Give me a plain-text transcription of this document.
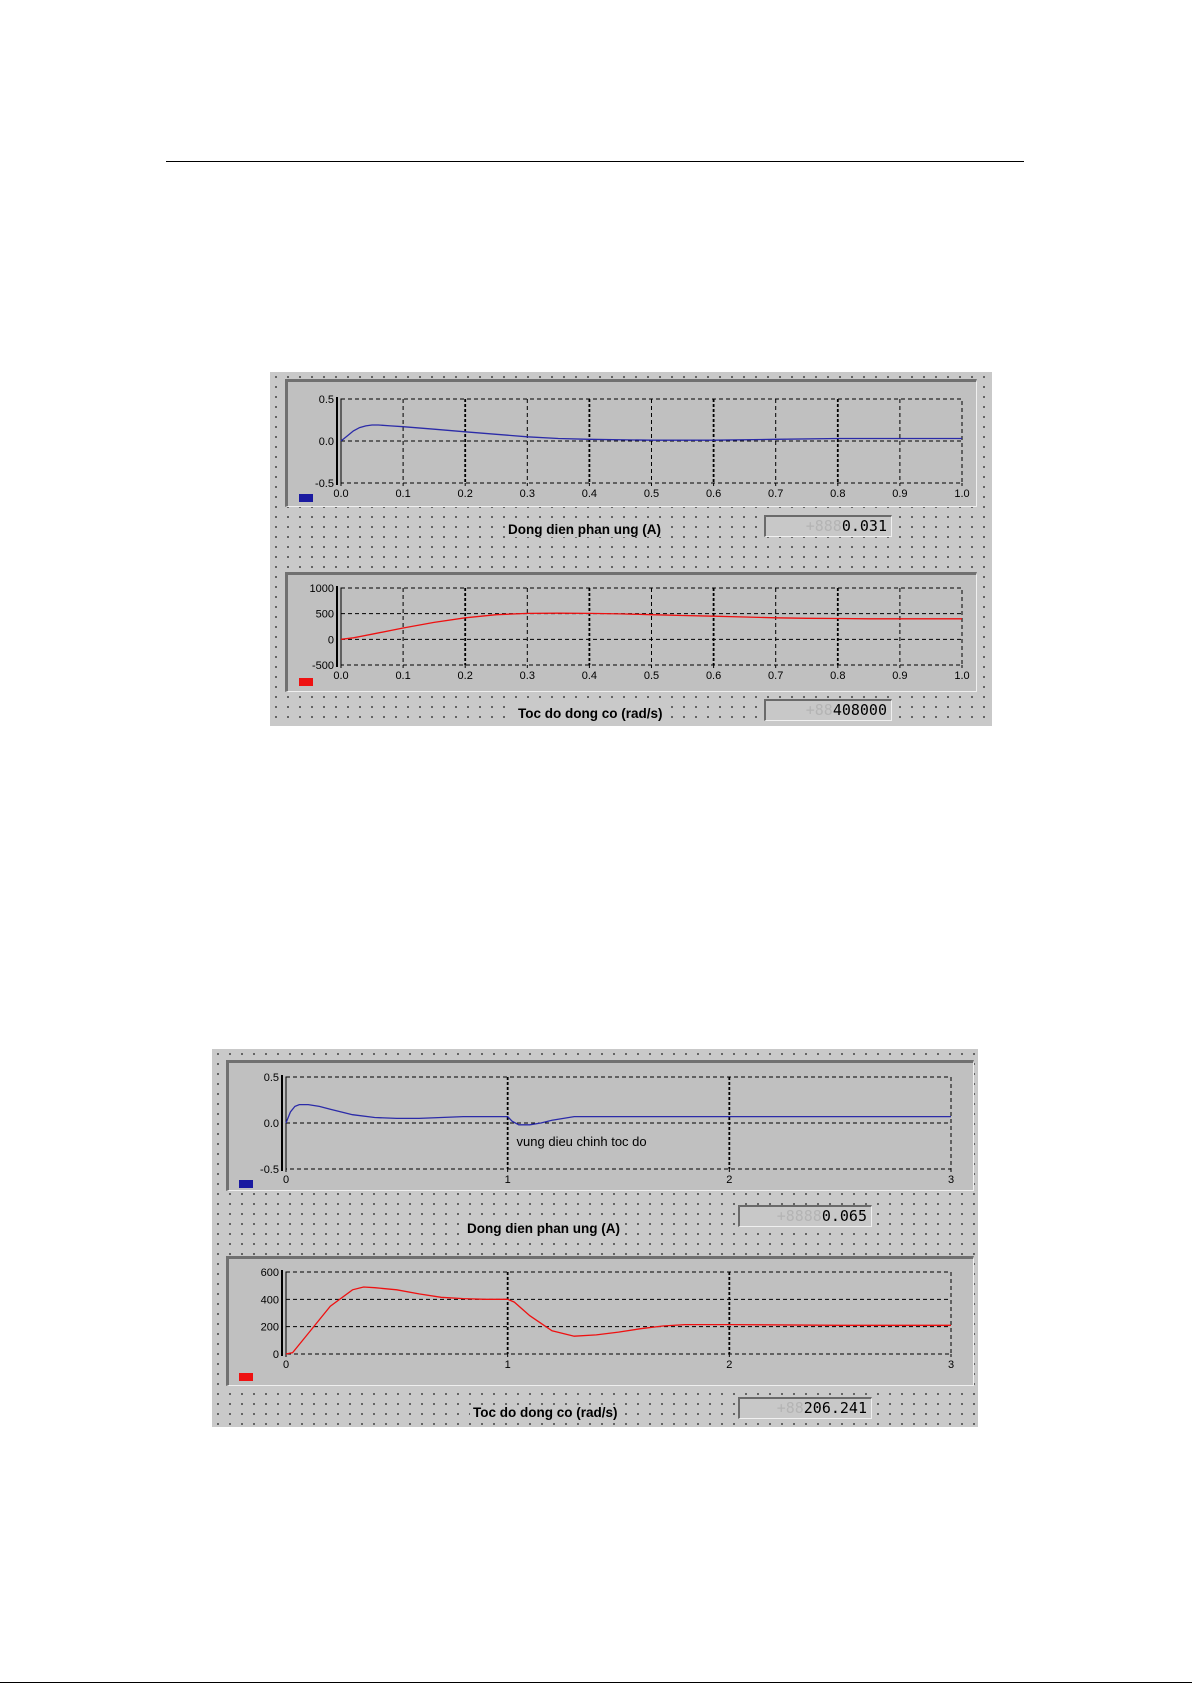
0.0	0.1	0.2	0.3	0.4	0.5	0.6	0.7	0.8	0.9	1.0
0.5
0.0
-0.5
Dong dien phan ung (A)	+8880.031
0.0	0.1	0.2	0.3	0.4	0.5	0.6	0.7	0.8	0.9	1.0
1000
500
0
-500
Toc do dong co (rad/s)	+88408000
0	1	2	3
0.5
0.0
-0.5
vung dieu chinh toc do
Dong dien phan ung (A)
+88880.065
0	1	2	3
600
400
200
0
Toc do dong co (rad/s)	+88206.241
